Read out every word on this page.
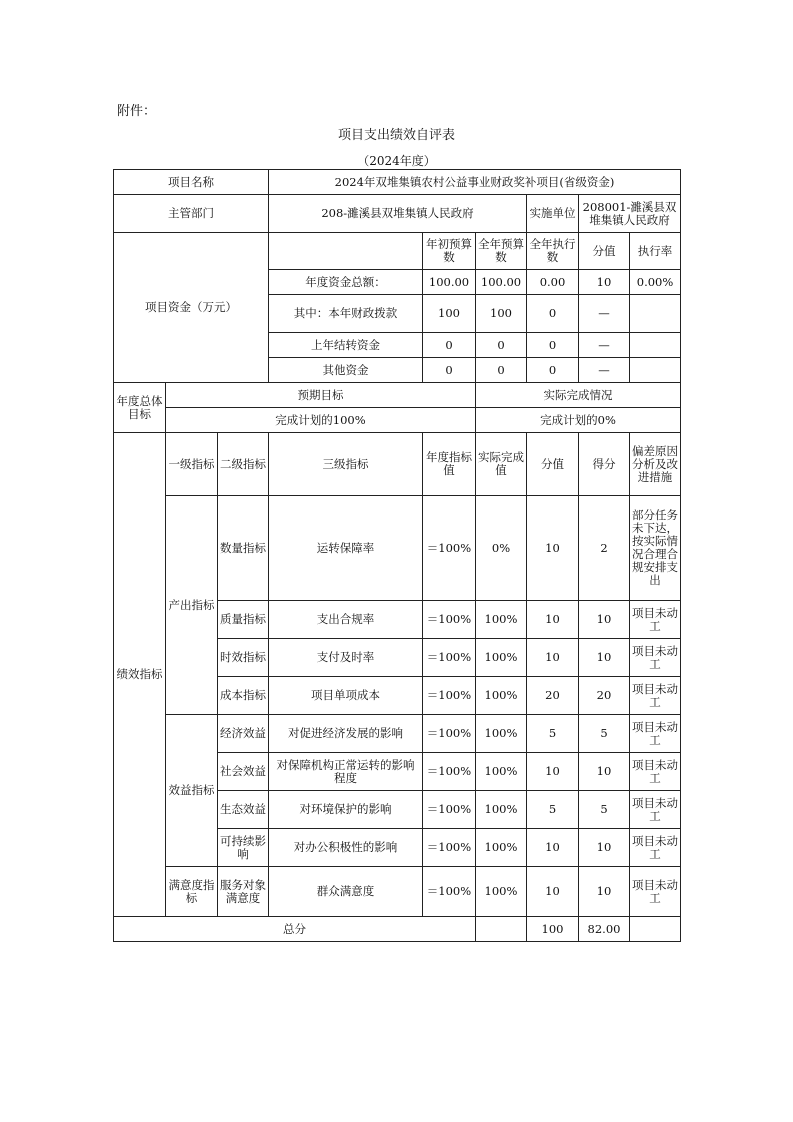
附件：
项目支出绩效自评表
（2024年度）
项目名称			2024年双堆集镇农村公益事业财政奖补项目(省级资金)					
主管部门			208-濉溪县双堆集镇人民政府			实施单位	208001-濉溪县双堆集镇人民政府	
项目资金（万元）				年初预算数	全年预算数	全年执行数	分值	执行率
			年度资金总额：	100.00	100.00	0.00	10	0.00%
			其中：本年财政拨款	100	100	0	—	
			上年结转资金	0	0	0	—	
			其他资金	0	0	0	—	
年度总体目标	预期目标				实际完成情况			
	完成计划的100%				完成计划的0%			
绩效指标	一级指标	二级指标	三级指标	年度指标值	实际完成值	分值	得分	偏差原因分析及改进措施
	产出指标	数量指标	运转保障率	＝100%	0%	10	2	部分任务未下达，按实际情况合理合规安排支出
		质量指标	支出合规率	＝100%	100%	10	10	项目未动工
		时效指标	支付及时率	＝100%	100%	10	10	项目未动工
		成本指标	项目单项成本	＝100%	100%	20	20	项目未动工
	效益指标	经济效益	对促进经济发展的影响	＝100%	100%	5	5	项目未动工
		社会效益	对保障机构正常运转的影响程度	＝100%	100%	10	10	项目未动工
		生态效益	对环境保护的影响	＝100%	100%	5	5	项目未动工
		可持续影响	对办公积极性的影响	＝100%	100%	10	10	项目未动工
	满意度指标	服务对象满意度	群众满意度	＝100%	100%	10	10	项目未动工
总分						100	82.00	
